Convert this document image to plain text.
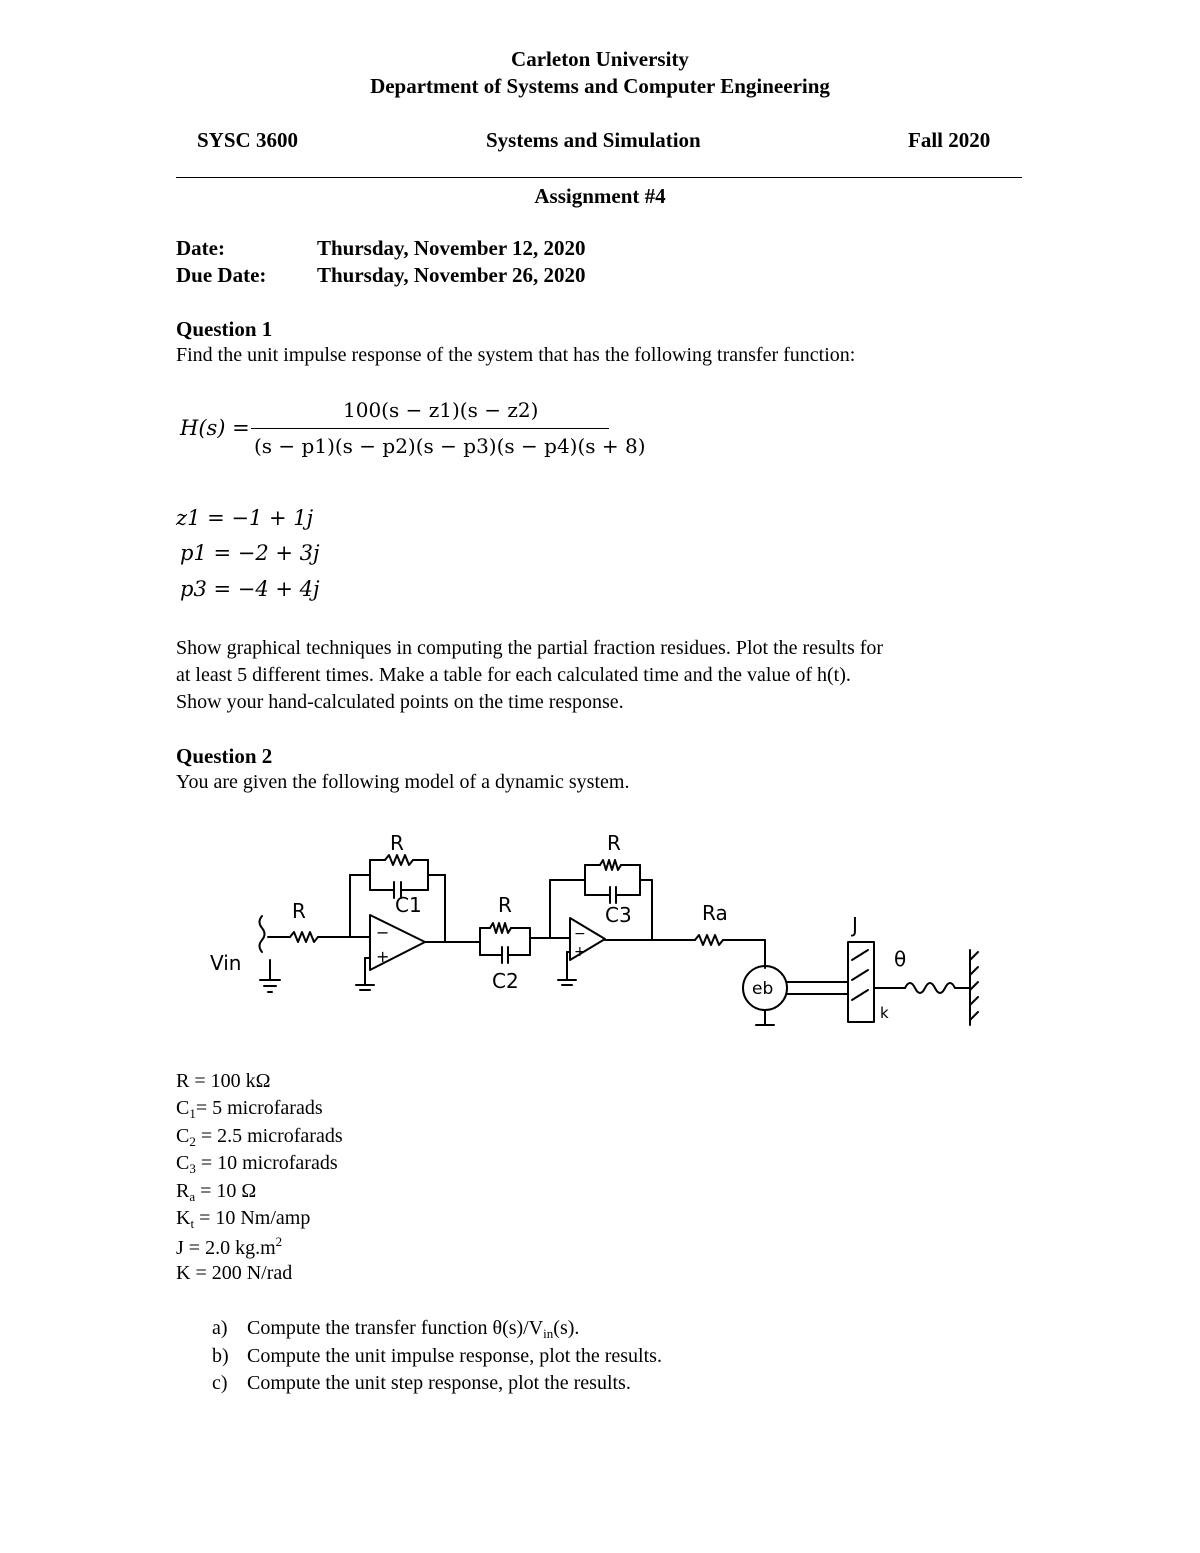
Carleton University
Department of Systems and Computer Engineering
SYSC 3600	Systems and Simulation	Fall 2020
Assignment #4
Date:	Thursday, November 12, 2020
Due Date: Thursday, November 26, 2020
Question 1
Find the unit impulse response of the system that has the following transfer function:
H(s) =
100(s − z1)(s − z2)
(s − p1)(s − p2)(s − p3)(s − p4)(s + 8)
z1 = −1 + 1j
p1 = −2 + 3j
p3 = −4 + 4j
Show graphical techniques in computing the partial fraction residues. Plot the results for
at least 5 different times. Make a table for each calculated time and the value of h(t).
Show your hand-calculated points on the time response.
Question 2
You are given the following model of a dynamic system.
R
C1
R	R
C2
R
C3	Ra
eb
J
θ
k
Vin
−
+
−
+
R = 100 kΩ
$C_1= 5$ microfarads
$C_2 = 2.5$ microfarads
$C_3 = 10$ microfarads
$R_a = 10$ Ω
$K_t = 10$ Nm/amp
J = 2.0 $kg.m^2$
K = 200 N/rad
a) Compute the transfer function $\theta(s)/V_{in}(s)$.
b) Compute the unit impulse response, plot the results.
c) Compute the unit step response, plot the results.
